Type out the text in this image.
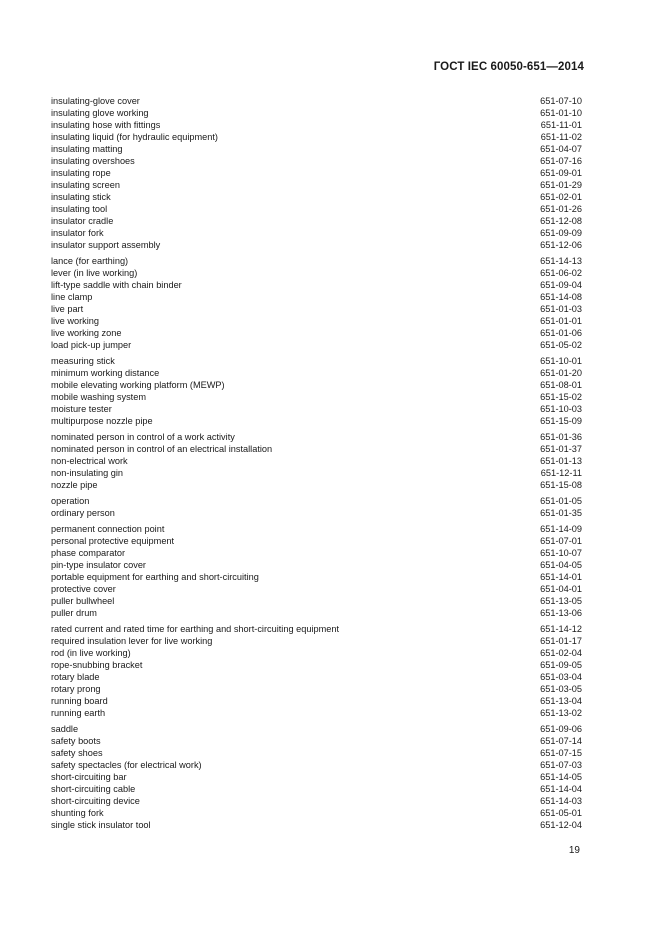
ГОСТ IEC 60050-651—2014
insulating-glove cover	651-07-10
insulating glove working	651-01-10
insulating hose with fittings	651-11-01
insulating liquid (for hydraulic equipment)	651-11-02
insulating matting	651-04-07
insulating overshoes	651-07-16
insulating rope	651-09-01
insulating screen	651-01-29
insulating stick	651-02-01
insulating tool	651-01-26
insulator cradle	651-12-08
insulator fork	651-09-09
insulator support assembly	651-12-06
lance (for earthing)	651-14-13
lever (in live working)	651-06-02
lift-type saddle with chain binder	651-09-04
line clamp	651-14-08
live part	651-01-03
live working	651-01-01
live working zone	651-01-06
load pick-up jumper	651-05-02
measuring stick	651-10-01
minimum working distance	651-01-20
mobile elevating working platform (MEWP)	651-08-01
mobile washing system	651-15-02
moisture tester	651-10-03
multipurpose nozzle pipe	651-15-09
nominated person in control of a work activity	651-01-36
nominated person in control of an electrical installation	651-01-37
non-electrical work	651-01-13
non-insulating gin	651-12-11
nozzle pipe	651-15-08
operation	651-01-05
ordinary person	651-01-35
permanent connection point	651-14-09
personal protective equipment	651-07-01
phase comparator	651-10-07
pin-type insulator cover	651-04-05
portable equipment for earthing and short-circuiting	651-14-01
protective cover	651-04-01
puller bullwheel	651-13-05
puller drum	651-13-06
rated current and rated time for earthing and short-circuiting equipment	651-14-12
required insulation lever for live working	651-01-17
rod (in live working)	651-02-04
rope-snubbing bracket	651-09-05
rotary blade	651-03-04
rotary prong	651-03-05
running board	651-13-04
running earth	651-13-02
saddle	651-09-06
safety boots	651-07-14
safety shoes	651-07-15
safety spectacles (for electrical work)	651-07-03
short-circuiting bar	651-14-05
short-circuiting cable	651-14-04
short-circuiting device	651-14-03
shunting fork	651-05-01
single stick insulator tool	651-12-04
19
